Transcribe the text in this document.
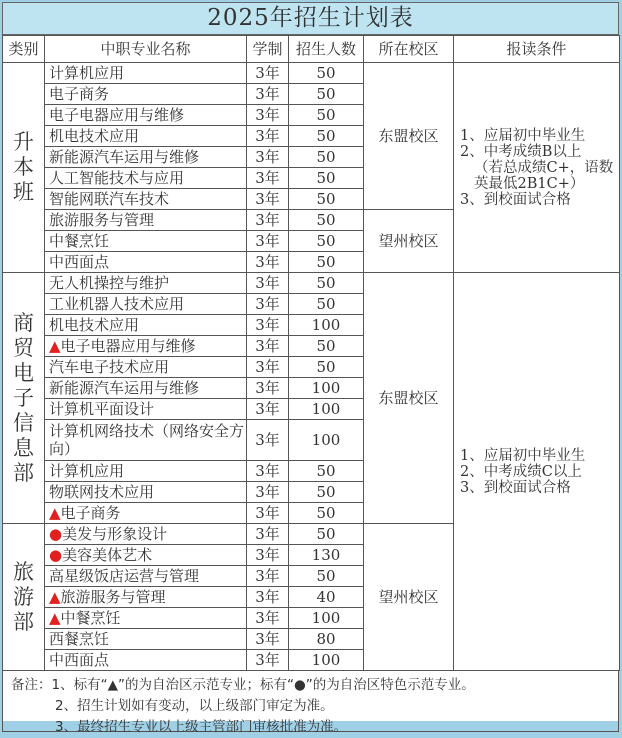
2025年招生计划表
类别	中职专业名称	学制	招生人数	所在校区	报读条件
升本班	计算机应用	3年	50	东盟校区	1、应届初中毕业生
2、中考成绩B以上
（若总成绩C+，语数英最低2B1C+）
3、到校面试合格

	电子商务	3年	50		
	电子电器应用与维修	3年	50		
	机电技术应用	3年	50		
	新能源汽车运用与维修	3年	50		
	人工智能技术与应用	3年	50		
	智能网联汽车技术	3年	50		
	旅游服务与管理	3年	50	望州校区	
	中餐烹饪	3年	50		
	中西面点	3年	50		
商贸电子信息部	无人机操控与维护	3年	50	东盟校区	1、应届初中毕业生
2、中考成绩C以上
3、到校面试合格

	工业机器人技术应用	3年	50		
	机电技术应用	3年	100		
	▲电子电器应用与维修	3年	50		
	汽车电子技术应用	3年	50		
	新能源汽车运用与维修	3年	100		
	计算机平面设计	3年	100		
	计算机网络技术（网络安全方向）	3年	100		
	计算机应用	3年	50		
	物联网技术应用	3年	50		
	▲电子商务	3年	50		
旅游部	●美发与形象设计	3年	50	望州校区	
	●美容美体艺术	3年	130		
	高星级饭店运营与管理	3年	50		
	▲旅游服务与管理	3年	40		
	▲中餐烹饪	3年	100		
	西餐烹饪	3年	80		
	中西面点	3年	100		
备注：1、标有“▲”的为自治区示范专业；标有“●”的为自治区特色示范专业。
2、招生计划如有变动，以上级部门审定为准。
3、最终招生专业以上级主管部门审核批准为准。
